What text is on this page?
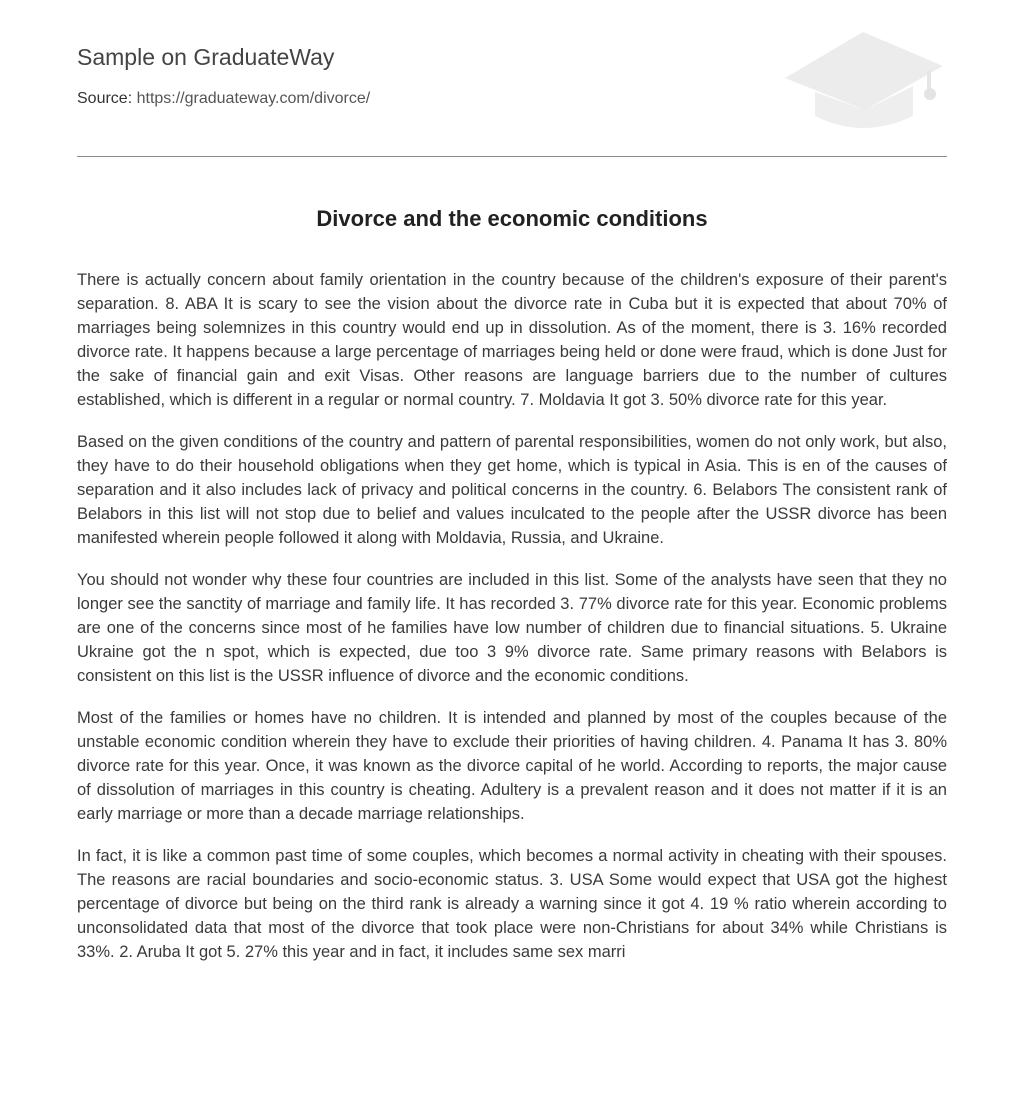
Sample on GraduateWay
Source: https://graduateway.com/divorce/
Divorce and the economic conditions

There is actually concern about family orientation in the country because of the children's exposure of their parent's separation. 8. ABA It is scary to see the vision about the divorce rate in Cuba but it is expected that about 70% of marriages being solemnizes in this country would end up in dissolution. As of the moment, there is 3. 16% recorded divorce rate. It happens because a large percentage of marriages being held or done were fraud, which is done Just for the sake of financial gain and exit Visas. Other reasons are language barriers due to the number of cultures established, which is different in a regular or normal country. 7. Moldavia It got 3. 50% divorce rate for this year.

Based on the given conditions of the country and pattern of parental responsibilities, women do not only work, but also, they have to do their household obligations when they get home, which is typical in Asia. This is en of the causes of separation and it also includes lack of privacy and political concerns in the country. 6. Belabors The consistent rank of Belabors in this list will not stop due to belief and values inculcated to the people after the USSR divorce has been manifested wherein people followed it along with Moldavia, Russia, and Ukraine.

You should not wonder why these four countries are included in this list. Some of the analysts have seen that they no longer see the sanctity of marriage and family life. It has recorded 3. 77% divorce rate for this year. Economic problems are one of the concerns since most of he families have low number of children due to financial situations. 5. Ukraine Ukraine got the n spot, which is expected, due too 3 9% divorce rate. Same primary reasons with Belabors is consistent on this list is the USSR influence of divorce and the economic conditions.

Most of the families or homes have no children. It is intended and planned by most of the couples because of the unstable economic condition wherein they have to exclude their priorities of having children. 4. Panama It has 3. 80% divorce rate for this year. Once, it was known as the divorce capital of he world. According to reports, the major cause of dissolution of marriages in this country is cheating. Adultery is a prevalent reason and it does not matter if it is an early marriage or more than a decade marriage relationships.

In fact, it is like a common past time of some couples, which becomes a normal activity in cheating with their spouses. The reasons are racial boundaries and socio-economic status. 3. USA Some would expect that USA got the highest percentage of divorce but being on the third rank is already a warning since it got 4. 19 % ratio wherein according to unconsolidated data that most of the divorce that took place were non-Christians for about 34% while Christians is 33%. 2. Aruba It got 5. 27% this year and in fact, it includes same sex marri
